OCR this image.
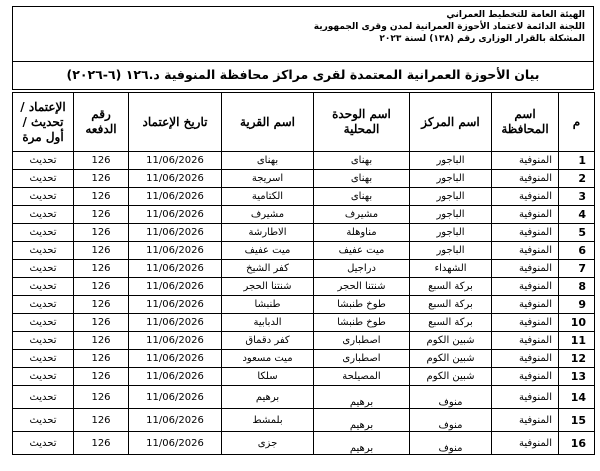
الهيئة العامة للتخطيط العمراني
اللجنة الدائمة لاعتماد الأحوزة العمرانية لمدن وقرى الجمهورية
المشكلة بالقرار الوزارى رقم (١٣٨) لسنة ٢٠٢٣
بيان الأحوزة العمرانية المعتمدة لقرى مراكز محافظة المنوفية د.١٢٦ (٦-٢٠٢٦)
م	اسم المحافظة	اسم المركز	اسم الوحدة المحلية	اسم القرية	تاريخ الإعتماد	رقم الدفعه	الإعتماد / تحديث / أول مرة
1	المنوفية	الباجور	بهناى	بهناى	11/06/2026	126	تحديث
2	المنوفية	الباجور	بهناى	اسريجة	11/06/2026	126	تحديث
3	المنوفية	الباجور	بهناى	الكتامية	11/06/2026	126	تحديث
4	المنوفية	الباجور	مشيرف	مشيرف	11/06/2026	126	تحديث
5	المنوفية	الباجور	مناوهلة	الاطارشة	11/06/2026	126	تحديث
6	المنوفية	الباجور	ميت عفيف	ميت عفيف	11/06/2026	126	تحديث
7	المنوفية	الشهداء	دراجيل	كفر الشيخ	11/06/2026	126	تحديث
8	المنوفية	بركة السبع	شنتنا الحجر	شنتنا الحجر	11/06/2026	126	تحديث
9	المنوفية	بركة السبع	طوخ طنبشا	طنبشا	11/06/2026	126	تحديث
10	المنوفية	بركة السبع	طوخ طنبشا	الدبابية	11/06/2026	126	تحديث
11	المنوفية	شبين الكوم	اصطبارى	كفر دقماق	11/06/2026	126	تحديث
12	المنوفية	شبين الكوم	اصطبارى	ميت مسعود	11/06/2026	126	تحديث
13	المنوفية	شبين الكوم	المصيلحة	سلكا	11/06/2026	126	تحديث
14	المنوفية	منوف	برهيم	برهيم	11/06/2026	126	تحديث
15	المنوفية	منوف	برهيم	بلمشط	11/06/2026	126	تحديث
16	المنوفية	منوف	برهيم	جزى	11/06/2026	126	تحديث
